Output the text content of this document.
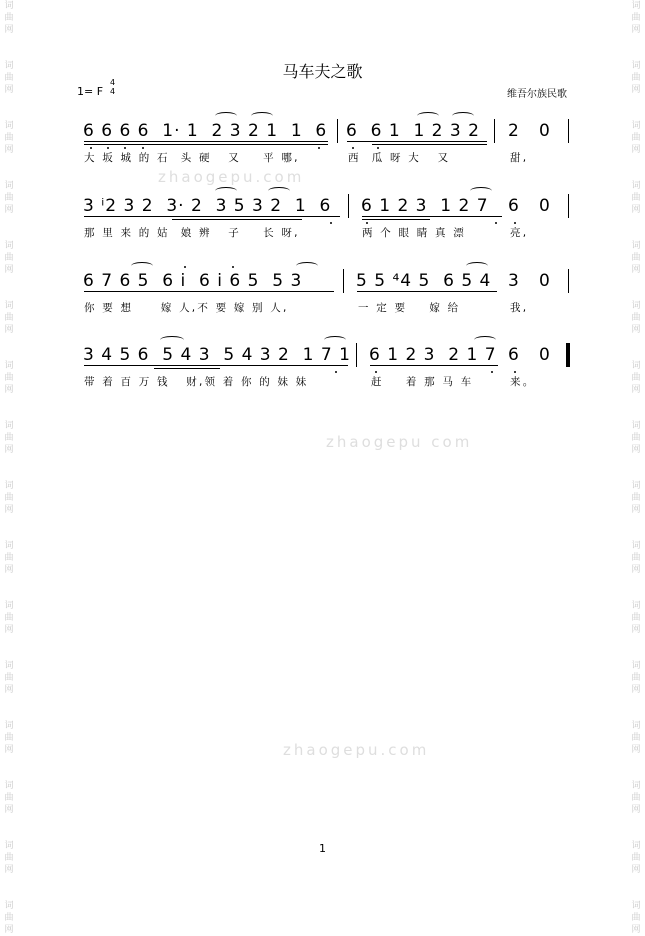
词
曲
网

词
曲
网

词
曲
网

词
曲
网

词
曲
网

词
曲
网

词
曲
网

词
曲
网

词
曲
网

词
曲
网

词
曲
网

词
曲
网

词
曲
网

词
曲
网

词
曲
网

词
曲
网
词
曲
网

词
曲
网

词
曲
网

词
曲
网

词
曲
网

词
曲
网

词
曲
网

词
曲
网

词
曲
网

词
曲
网

词
曲
网

词
曲
网

词
曲
网

词
曲
网

词
曲
网

词
曲
网
马车夫之歌
1= F
4
4	维吾尔族民歌
6 6 6 6  1· 1  2 3 2 1  1  6 6  6 1  1 2 3 2 2   0
大 坂 城 的 石  头 硬   又    平 哪,	西  瓜 呀 大   又	甜,
3 ⁱ2 3 2  3· 2  3 5 3 2  1  6 6 1 2 3  1 2 7 6   0
那 里 来 的 姑  娘 辨   子    长 呀,	两 个 眼 睛 真 漂	亮,
6 7 6 5  6 i  6 i 6 5  5 3	5 5 ⁴4 5  6 5 4 3   0
你 要 想     嫁 人,不 要 嫁 别 人,	一 定 要    嫁 给	我,
3 4 5 6  5 4 3  5 4 3 2  1 7 1 6 1 2 3  2 1 7 6   0
带 着 百 万 钱   财,领 着 你 的 妹 妹	赶    着 那 马 车	来。
zhaogepu.com
zhaogepu com
zhaogepu.com
1
